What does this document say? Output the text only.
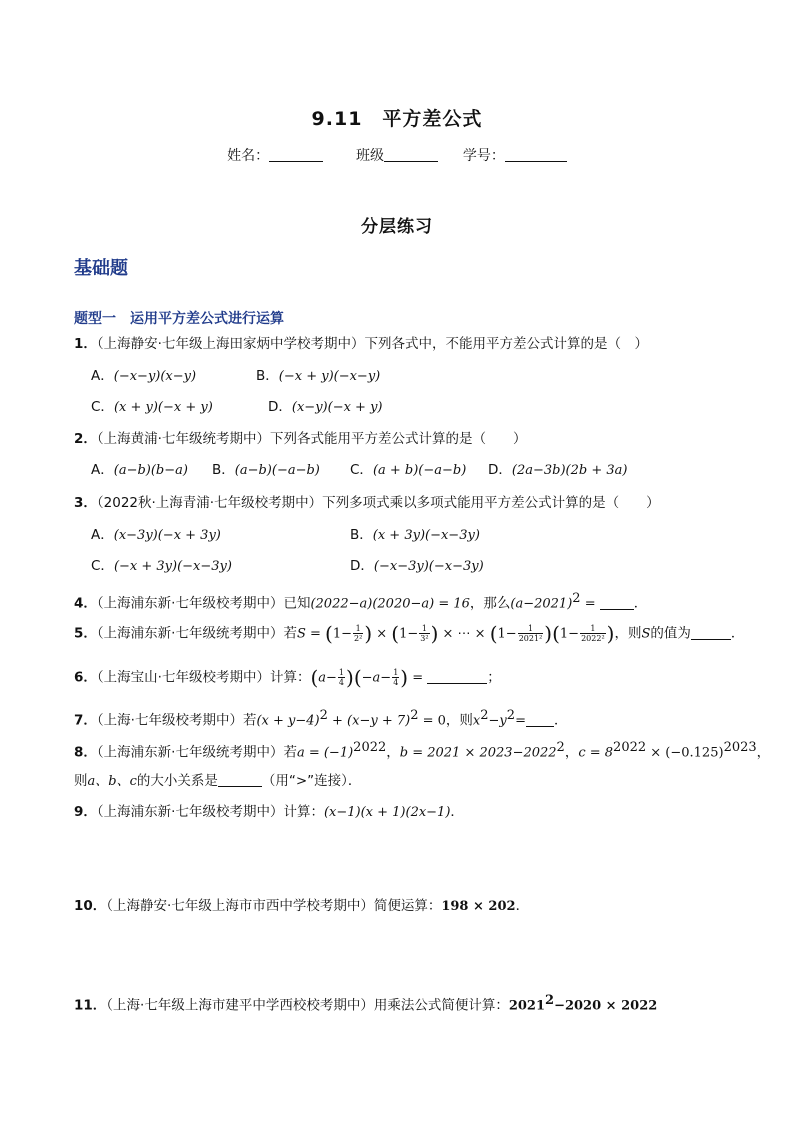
9.11　平方差公式
姓名：	班级	学号：
分层练习
基础题
题型一　运用平方差公式进行运算
1．（上海静安·七年级上海田家炳中学校考期中）下列各式中，不能用平方差公式计算的是（　）
A．(−x−y)(x−y)	B．(−x + y)(−x−y)
C．(x + y)(−x + y)	D．(x−y)(−x + y)
2．（上海黄浦·七年级统考期中）下列各式能用平方差公式计算的是（　　）
A．(a−b)(b−a) B．(a−b)(−a−b) C．(a + b)(−a−b) D．(2a−3b)(2b + 3a)
3．（2022秋·上海青浦·七年级校考期中）下列多项式乘以多项式能用平方差公式计算的是（　　）
A．(x−3y)(−x + 3y)	B．(x + 3y)(−x−3y)
C．(−x + 3y)(−x−3y)	D．(−x−3y)(−x−3y)
4．（上海浦东新·七年级校考期中）已知(2022−a)(2020−a) = 16，那么$(a-2021)^2$ =	．
5．（上海浦东新·七年级统考期中）若$S = (1- \frac{1}{\text{2²}}$ ) × ($1- \frac{1}{\text{3²}}$ ) × ⋯ × $(1- \frac{1}{\text{2021²}} )(1- \frac{1}{\text{2022²}}$ )，则S的值为	．
6．（上海宝山·七年级校考期中）计算：$(a- \frac{1}{4} )(-a- \frac{1}{4}$ ) =	；
7．（上海·七年级校考期中）若$(x + y-4)^2 + (x-y + 7)^2 = 0$，则$x^2-y^2=$ ．
8．（上海浦东新·七年级统考期中）若$a = (-1)^{2022}$，$b = 2021 \times 2023-2022^2$，$c = 8^{2022} \times (-0.125)^{2023}$，
则a、b、c的大小关系是	（用“>”连接）．
9．（上海浦东新·七年级校考期中）计算：(x−1)(x + 1)(2x−1)．
10．（上海静安·七年级上海市市西中学校考期中）简便运算：198 × 202．
11．（上海·七年级上海市建平中学西校校考期中）用乘法公式简便计算：$2021^2-2020 \times 2022$
